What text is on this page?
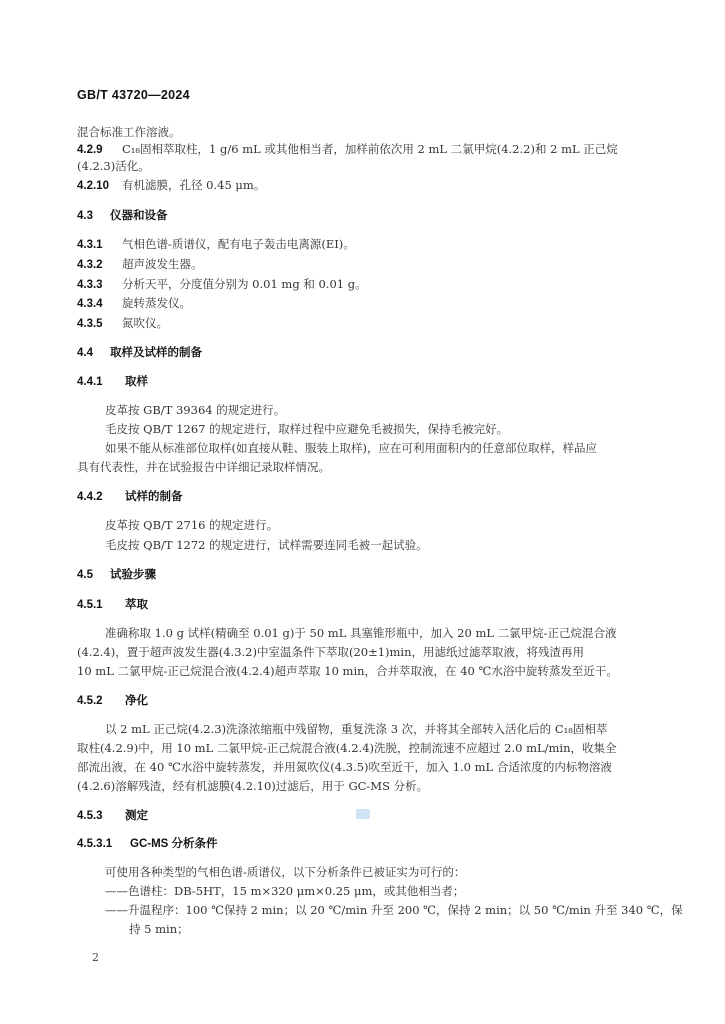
GB/T 43720—2024
混合标准工作溶液。
4.2.9 C₁₈固相萃取柱，1 g/6 mL 或其他相当者，加样前依次用 2 mL 二氯甲烷(4.2.2)和 2 mL 正己烷
(4.2.3)活化。
4.2.10 有机滤膜，孔径 0.45 μm。
4.3 仪器和设备
4.3.1 气相色谱-质谱仪，配有电子轰击电离源(EI)。
4.3.2 超声波发生器。
4.3.3 分析天平，分度值分别为 0.01 mg 和 0.01 g。
4.3.4 旋转蒸发仪。
4.3.5 氮吹仪。
4.4 取样及试样的制备
4.4.1 取样
皮革按 GB/T 39364 的规定进行。
毛皮按 QB/T 1267 的规定进行，取样过程中应避免毛被损失，保持毛被完好。
如果不能从标准部位取样(如直接从鞋、服装上取样)，应在可利用面积内的任意部位取样，样品应
具有代表性，并在试验报告中详细记录取样情况。
4.4.2 试样的制备
皮革按 QB/T 2716 的规定进行。
毛皮按 QB/T 1272 的规定进行，试样需要连同毛被一起试验。
4.5 试验步骤
4.5.1 萃取
准确称取 1.0 g 试样(精确至 0.01 g)于 50 mL 具塞锥形瓶中，加入 20 mL 二氯甲烷-正己烷混合液
(4.2.4)，置于超声波发生器(4.3.2)中室温条件下萃取(20±1)min，用滤纸过滤萃取液，将残渣再用
10 mL 二氯甲烷-正己烷混合液(4.2.4)超声萃取 10 min，合并萃取液，在 40 ℃水浴中旋转蒸发至近干。
4.5.2 净化
以 2 mL 正己烷(4.2.3)洗涤浓缩瓶中残留物，重复洗涤 3 次，并将其全部转入活化后的 C₁₈固相萃
取柱(4.2.9)中，用 10 mL 二氯甲烷-正己烷混合液(4.2.4)洗脱，控制流速不应超过 2.0 mL/min，收集全
部流出液，在 40 ℃水浴中旋转蒸发，并用氮吹仪(4.3.5)吹至近干，加入 1.0 mL 合适浓度的内标物溶液
(4.2.6)溶解残渣，经有机滤膜(4.2.10)过滤后，用于 GC-MS 分析。
4.5.3 测定
4.5.3.1 GC-MS 分析条件
可使用各种类型的气相色谱-质谱仪，以下分析条件已被证实为可行的：
——色谱柱：DB-5HT，15 m×320 μm×0.25 μm，或其他相当者；
——升温程序：100 ℃保持 2 min；以 20 ℃/min 升至 200 ℃，保持 2 min；以 50 ℃/min 升至 340 ℃，保
持 5 min；
2
